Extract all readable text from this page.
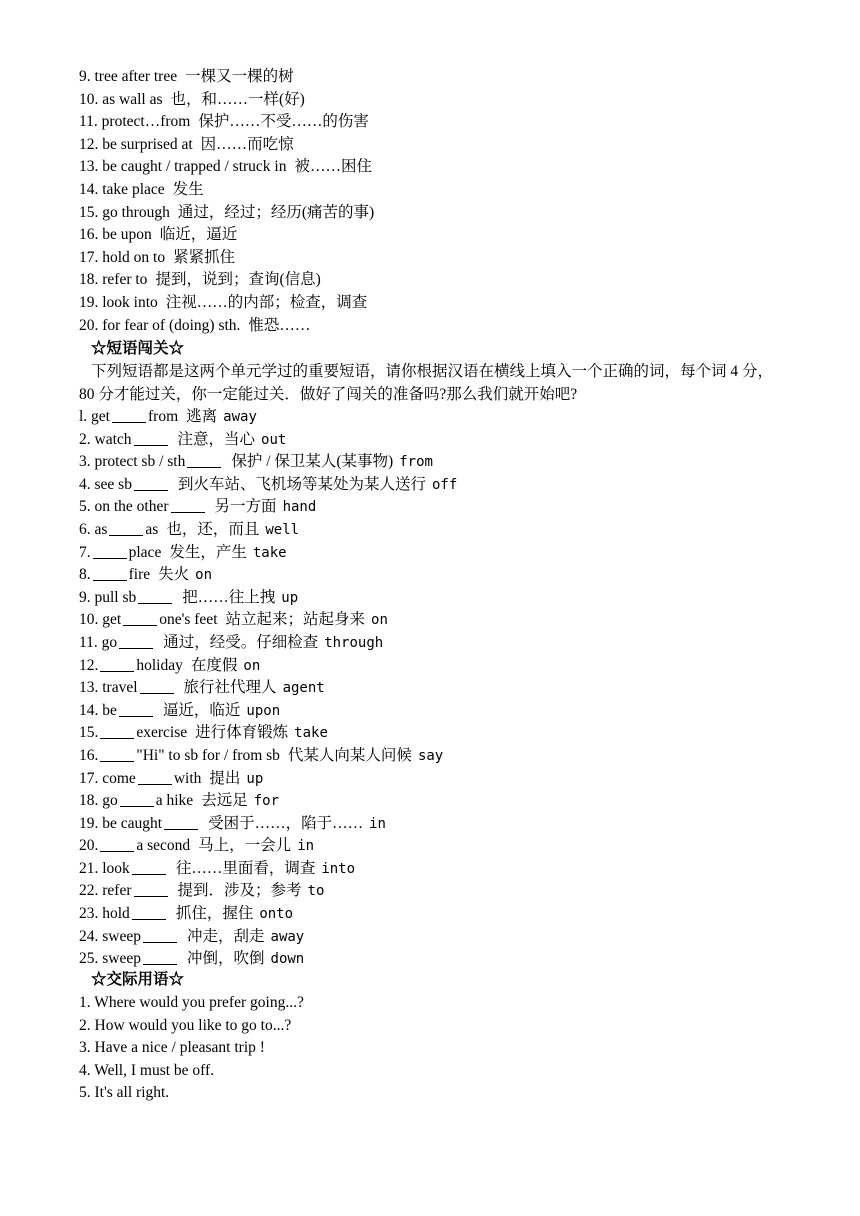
9. tree after tree 一棵又一棵的树
10. as wall as 也，和……一样(好)
11. protect…from 保护……不受……的伤害
12. be surprised at 因……而吃惊
13. be caught / trapped / struck in 被……困住
14. take place 发生
15. go through 通过，经过；经历(痛苦的事)
16. be upon 临近，逼近
17. hold on to 紧紧抓住
18. refer to 提到，说到；查询(信息)
19. look into 注视……的内部；检查，调查
20. for fear of (doing) sth. 惟恐……
☆短语闯关☆
下列短语都是这两个单元学过的重要短语，请你根据汉语在横线上填入一个正确的词，每个词 4 分，80 分才能过关，你一定能过关．做好了闯关的准备吗?那么我们就开始吧?
l. get from 逃离 away
2. watch	注意，当心 out
3. protect sb / sth	保护 / 保卫某人(某事物) from
4. see sb	到火车站、飞机场等某处为某人送行 off
5. on the other	另一方面 hand
6. as as 也，还，而且 well
7. place 发生，产生 take
8. fire 失火 on
9. pull sb	把……往上拽 up
10. get one's feet 站立起来；站起身来 on
11. go	通过，经受。仔细检查 through
12. holiday 在度假 on
13. travel	旅行社代理人 agent
14. be	逼近，临近 upon
15. exercise 进行体育锻炼 take
16. "Hi" to sb for / from sb 代某人向某人问候 say
17. come with 提出 up
18. go a hike 去远足 for
19. be caught	受困于……，陷于…… in
20. a second 马上，一会儿 in
21. look	往……里面看，调查 into
22. refer	提到．涉及；参考 to
23. hold	抓住，握住 onto
24. sweep	冲走，刮走 away
25. sweep	冲倒，吹倒 down
☆交际用语☆
1. Where would you prefer going...?
2. How would you like to go to...?
3. Have a nice / pleasant trip !
4. Well, I must be off.
5. It's all right.
